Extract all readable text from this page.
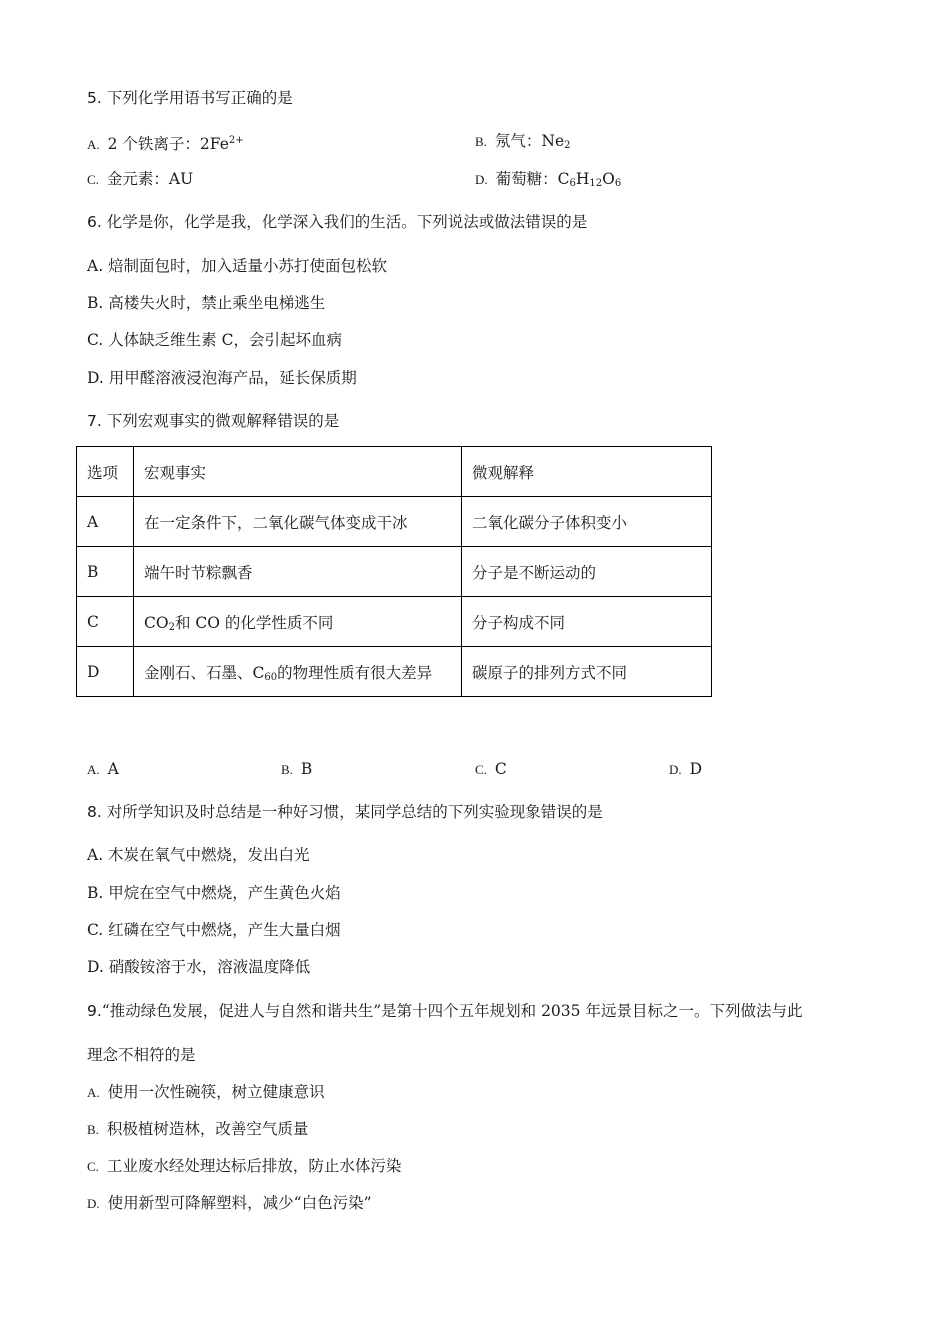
5. 下列化学用语书写正确的是
A. 2 个铁离子：$2Fe^{2+}$	B. 氖气：$Ne_2$
C. 金元素：AU	D. 葡萄糖：$C_6H_{12}O_6$
6. 化学是你，化学是我，化学深入我们的生活。下列说法或做法错误的是
A. 焙制面包时，加入适量小苏打使面包松软
B. 高楼失火时，禁止乘坐电梯逃生
C. 人体缺乏维生素 C，会引起坏血病
D. 用甲醛溶液浸泡海产品，延长保质期
7. 下列宏观事实的微观解释错误的是
选项	宏观事实	微观解释
A	在一定条件下，二氧化碳气体变成干冰	二氧化碳分子体积变小
B	端午时节粽飘香	分子是不断运动的
C	$CO_2$和 CO 的化学性质不同	分子构成不同
D	金刚石、石墨、$C_{60}$的物理性质有很大差异	碳原子的排列方式不同
A. A	B. B	C. C	D. D
8. 对所学知识及时总结是一种好习惯，某同学总结的下列实验现象错误的是
A. 木炭在氧气中燃烧，发出白光
B. 甲烷在空气中燃烧，产生黄色火焰
C. 红磷在空气中燃烧，产生大量白烟
D. 硝酸铵溶于水，溶液温度降低
9.“推动绿色发展，促进人与自然和谐共生”是第十四个五年规划和 2035 年远景目标之一。下列做法与此
理念不相符的是
A. 使用一次性碗筷，树立健康意识
B. 积极植树造林，改善空气质量
C. 工业废水经处理达标后排放，防止水体污染
D. 使用新型可降解塑料，减少“白色污染”
